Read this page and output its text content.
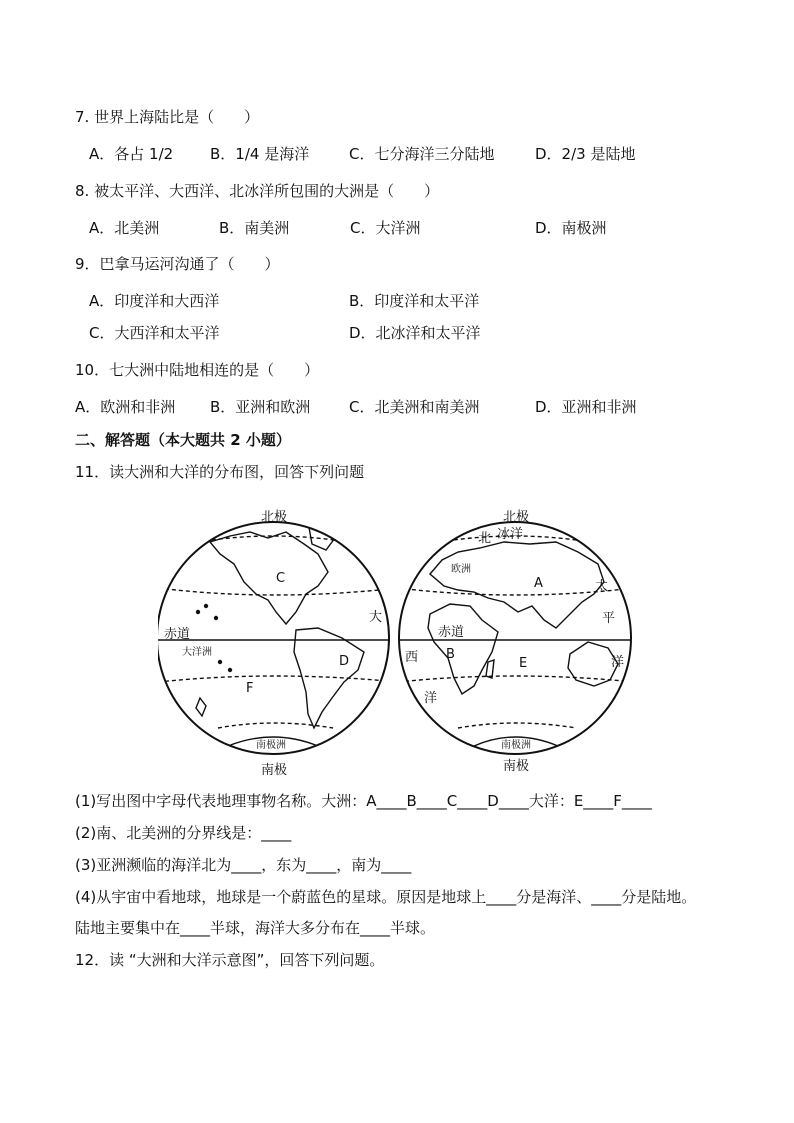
7. 世界上海陆比是（　　）
A．各占 1/2 B．1/4 是海洋	C．七分海洋三分陆地	D．2/3 是陆地
8. 被太平洋、大西洋、北冰洋所包围的大洲是（　　）
A．北美洲	B．南美洲	C．大洋洲	D．南极洲
9．巴拿马运河沟通了（　　）
A．印度洋和大西洋	B．印度洋和太平洋
C．大西洋和太平洋	D．北冰洋和太平洋
10．七大洲中陆地相连的是（　　）
A．欧洲和非洲 B．亚洲和欧洲	C．北美洲和南美洲	D．亚洲和非洲
二、解答题（本大题共 2 小题）
11．读大洲和大洋的分布图，回答下列问题
北极
南极
赤道
C
D
F
大洋洲
南极洲
大
北极
南极
赤道
北 冰洋
欧洲
A
B
E
太
平
洋
西
洋
南极洲
(1)写出图中字母代表地理事物名称。大洲：A____B____C____D____大洋：E____F____
(2)南、北美洲的分界线是：____
(3)亚洲濒临的海洋北为____，东为____，南为____
(4)从宇宙中看地球，地球是一个蔚蓝色的星球。原因是地球上____分是海洋、____分是陆地。
陆地主要集中在____半球，海洋大多分布在____半球。
12．读 “大洲和大洋示意图”，回答下列问题。
